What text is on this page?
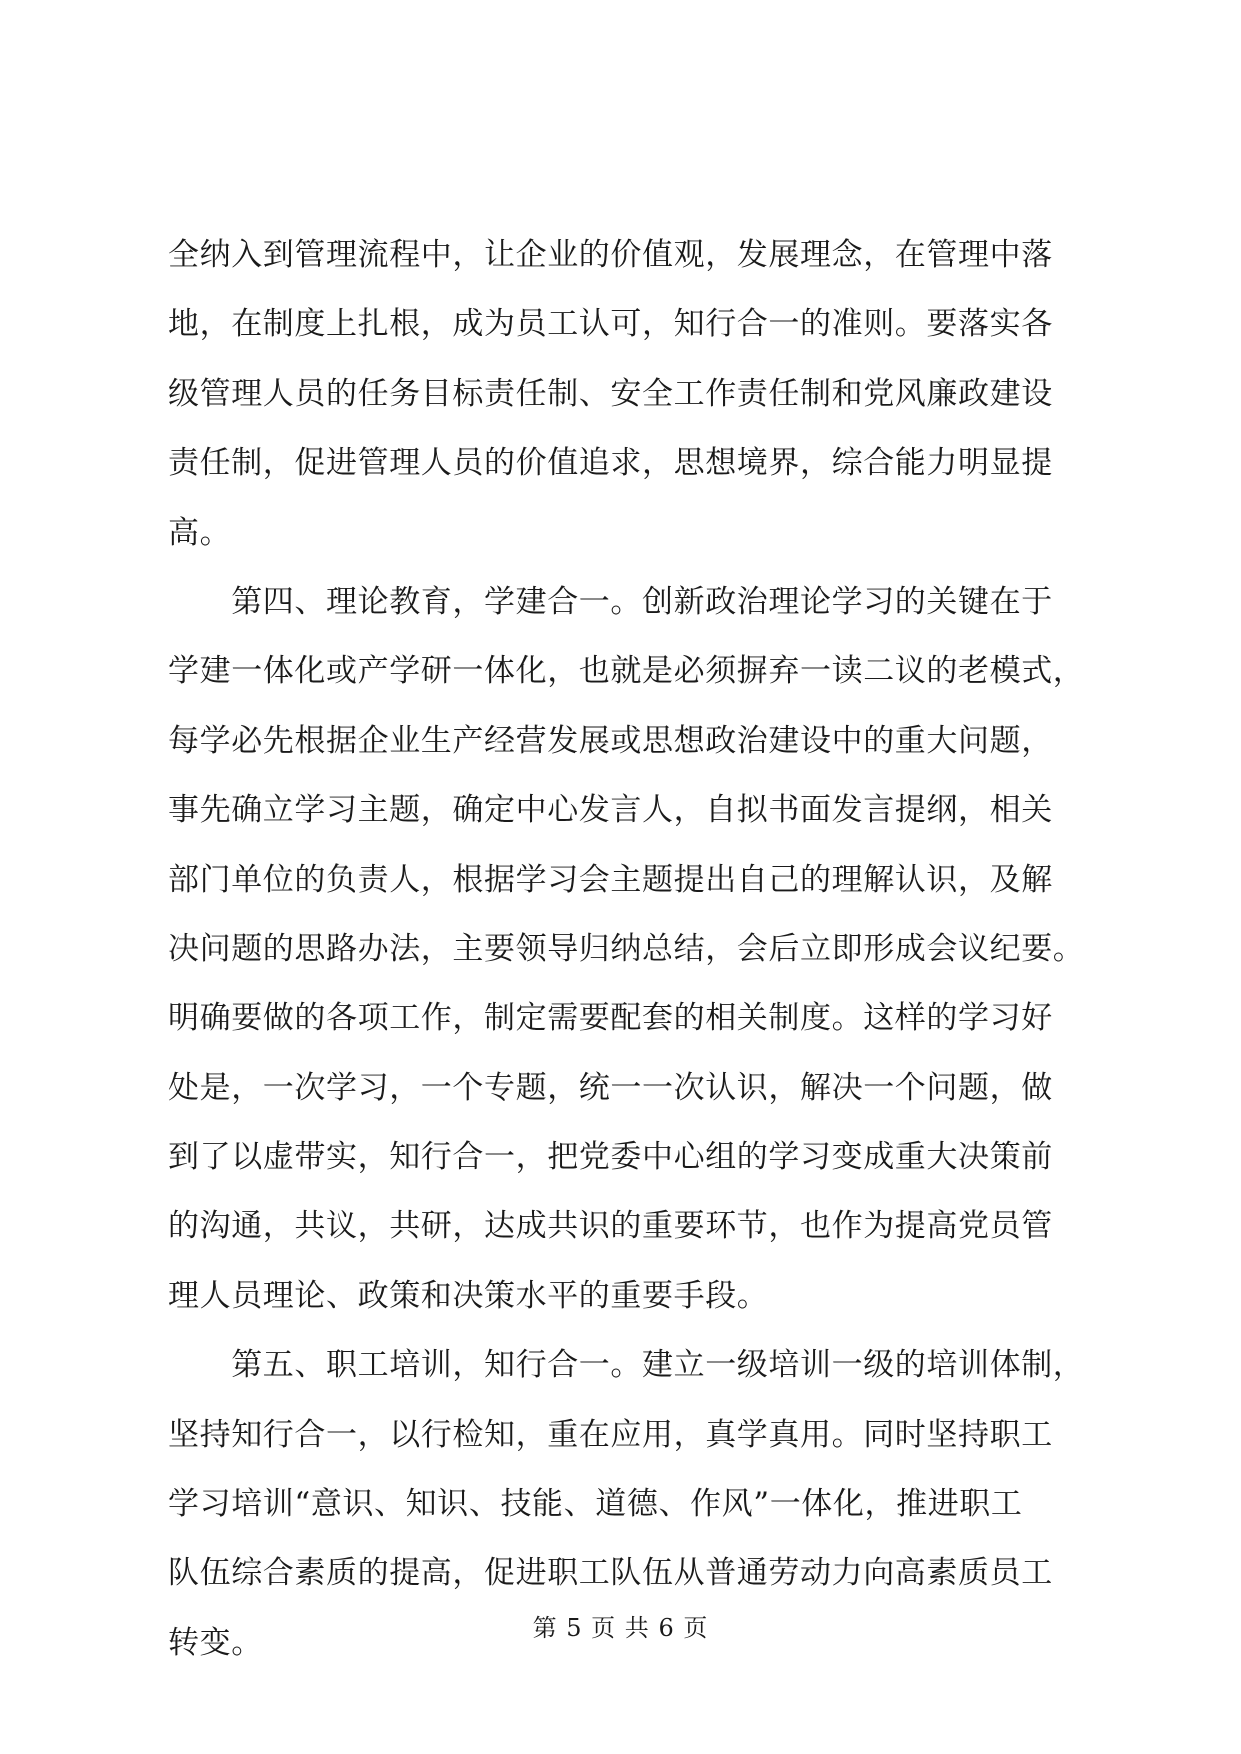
全纳入到管理流程中，让企业的价值观，发展理念，在管理中落
地，在制度上扎根，成为员工认可，知行合一的准则。要落实各
级管理人员的任务目标责任制、安全工作责任制和党风廉政建设
责任制，促进管理人员的价值追求，思想境界，综合能力明显提
高。
　　第四、理论教育，学建合一。创新政治理论学习的关键在于
学建一体化或产学研一体化，也就是必须摒弃一读二议的老模式，
每学必先根据企业生产经营发展或思想政治建设中的重大问题，
事先确立学习主题，确定中心发言人，自拟书面发言提纲，相关
部门单位的负责人，根据学习会主题提出自己的理解认识，及解
决问题的思路办法，主要领导归纳总结，会后立即形成会议纪要。
明确要做的各项工作，制定需要配套的相关制度。这样的学习好
处是，一次学习，一个专题，统一一次认识，解决一个问题，做
到了以虚带实，知行合一，把党委中心组的学习变成重大决策前
的沟通，共议，共研，达成共识的重要环节，也作为提高党员管
理人员理论、政策和决策水平的重要手段。
　　第五、职工培训，知行合一。建立一级培训一级的培训体制，
坚持知行合一，以行检知，重在应用，真学真用。同时坚持职工
学习培训“意识、知识、技能、道德、作风”一体化，推进职工
队伍综合素质的提高，促进职工队伍从普通劳动力向高素质员工
转变。	第 5 页 共 6 页
